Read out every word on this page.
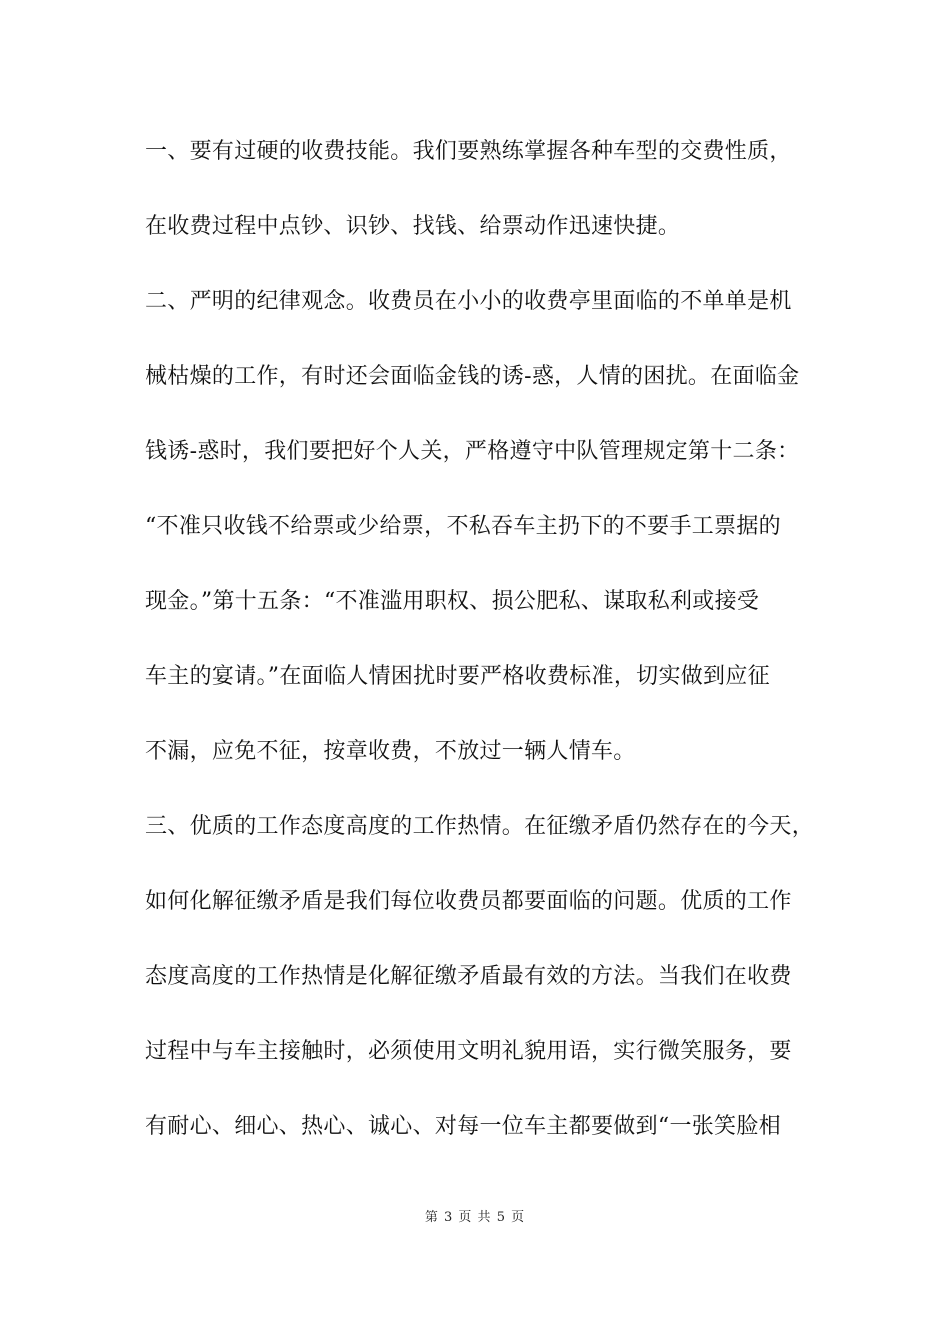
一、要有过硬的收费技能。我们要熟练掌握各种车型的交费性质，
在收费过程中点钞、识钞、找钱、给票动作迅速快捷。
二、严明的纪律观念。收费员在小小的收费亭里面临的不单单是机
械枯燥的工作，有时还会面临金钱的诱-惑，人情的困扰。在面临金
钱诱-惑时，我们要把好个人关，严格遵守中队管理规定第十二条：
“不准只收钱不给票或少给票，不私吞车主扔下的不要手工票据的
现金。”第十五条：“不准滥用职权、损公肥私、谋取私利或接受
车主的宴请。”在面临人情困扰时要严格收费标准，切实做到应征
不漏，应免不征，按章收费，不放过一辆人情车。
三、优质的工作态度高度的工作热情。在征缴矛盾仍然存在的今天，
如何化解征缴矛盾是我们每位收费员都要面临的问题。优质的工作
态度高度的工作热情是化解征缴矛盾最有效的方法。当我们在收费
过程中与车主接触时，必须使用文明礼貌用语，实行微笑服务，要
有耐心、细心、热心、诚心、对每一位车主都要做到“一张笑脸相
第 3 页 共 5 页
